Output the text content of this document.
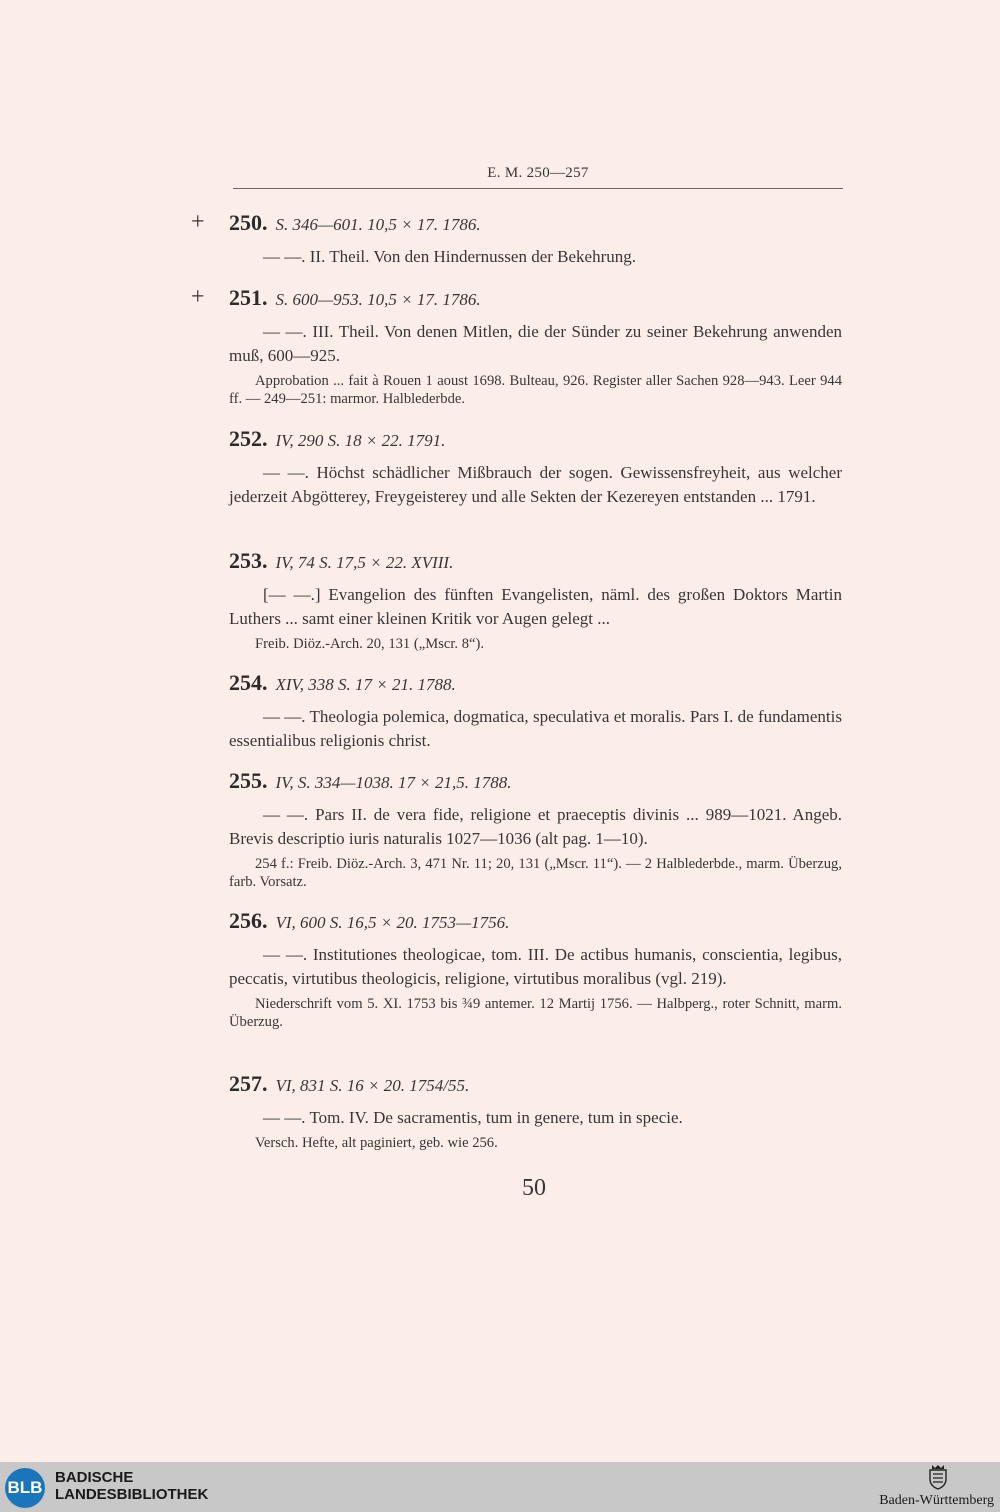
E. M. 250—257
+ 250. S. 346—601. 10,5 × 17. 1786.
— —. II. Theil. Von den Hindernussen der Bekehrung.
+ 251. S. 600—953. 10,5 × 17. 1786.
— —. III. Theil. Von denen Mitlen, die der Sünder zu seiner Bekehrung anwenden muß, 600—925.
Approbation ... fait à Rouen 1 aoust 1698. Bulteau, 926. Register aller Sachen 928—943. Leer 944 ff. — 249—251: marmor. Halblederbde.
252. IV, 290 S. 18 × 22. 1791.
— —. Höchst schädlicher Mißbrauch der sogen. Gewissensfreyheit, aus welcher jederzeit Abgötterey, Freygeisterey und alle Sekten der Kezereyen entstanden ... 1791.
253. IV, 74 S. 17,5 × 22. XVIII.
[— —.] Evangelion des fünften Evangelisten, näml. des großen Doktors Martin Luthers ... samt einer kleinen Kritik vor Augen gelegt ...
Freib. Diöz.-Arch. 20, 131 („Mscr. 8“).
254. XIV, 338 S. 17 × 21. 1788.
— —. Theologia polemica, dogmatica, speculativa et moralis. Pars I. de fundamentis essentialibus religionis christ.
255. IV, S. 334—1038. 17 × 21,5. 1788.
— —. Pars II. de vera fide, religione et praeceptis divinis ... 989—1021. Angeb. Brevis descriptio iuris naturalis 1027—1036 (alt pag. 1—10).
254 f.: Freib. Diöz.-Arch. 3, 471 Nr. 11; 20, 131 („Mscr. 11“). — 2 Halblederbde., marm. Überzug, farb. Vorsatz.
256. VI, 600 S. 16,5 × 20. 1753—1756.
— —. Institutiones theologicae, tom. III. De actibus humanis, conscientia, legibus, peccatis, virtutibus theologicis, religione, virtutibus moralibus (vgl. 219).
Niederschrift vom 5. XI. 1753 bis ¾9 antemer. 12 Martij 1756. — Halbperg., roter Schnitt, marm. Überzug.
257. VI, 831 S. 16 × 20. 1754/55.
— —. Tom. IV. De sacramentis, tum in genere, tum in specie.
Versch. Hefte, alt paginiert, geb. wie 256.
50
BLB
BADISCHE
LANDESBIBLIOTHEK	Baden-Württemberg
